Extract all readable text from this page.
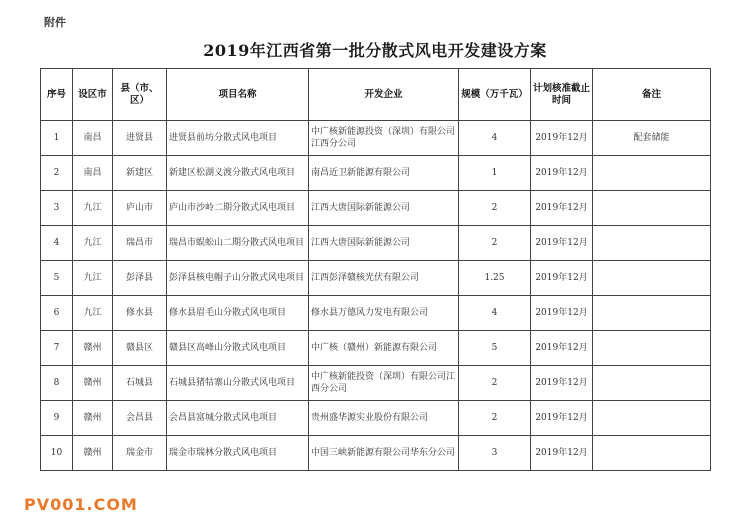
附件
2019年江西省第一批分散式风电开发建设方案
序号	设区市	县（市、区）	项目名称	开发企业	规模（万千瓦）	计划核准截止时间	备注
1	南昌	进贤县	进贤县前坊分散式风电项目	中广核新能源投资（深圳）有限公司江西分公司	4	2019年12月	配套储能
2	南昌	新建区	新建区松湖义渡分散式风电项目	南昌近卫新能源有限公司	1	2019年12月	
3	九江	庐山市	庐山市沙岭二期分散式风电项目	江西大唐国际新能源公司	2	2019年12月	
4	九江	瑞昌市	瑞昌市蜈蚣山二期分散式风电项目	江西大唐国际新能源公司	2	2019年12月	
5	九江	彭泽县	彭泽县核电帽子山分散式风电项目	江西彭泽赣核光伏有限公司	1.25	2019年12月	
6	九江	修水县	修水县眉毛山分散式风电项目	修水县万德风力发电有限公司	4	2019年12月	
7	赣州	赣县区	赣县区高峰山分散式风电项目	中广核（赣州）新能源有限公司	5	2019年12月	
8	赣州	石城县	石城县猪牯寨山分散式风电项目	中广核新能投资（深圳）有限公司江西分公司	2	2019年12月	
9	赣州	会昌县	会昌县富城分散式风电项目	贵州盛华源实业股份有限公司	2	2019年12月	
10	赣州	瑞金市	瑞金市瑞林分散式风电项目	中国三峡新能源有限公司华东分公司	3	2019年12月	
PV001.COM
